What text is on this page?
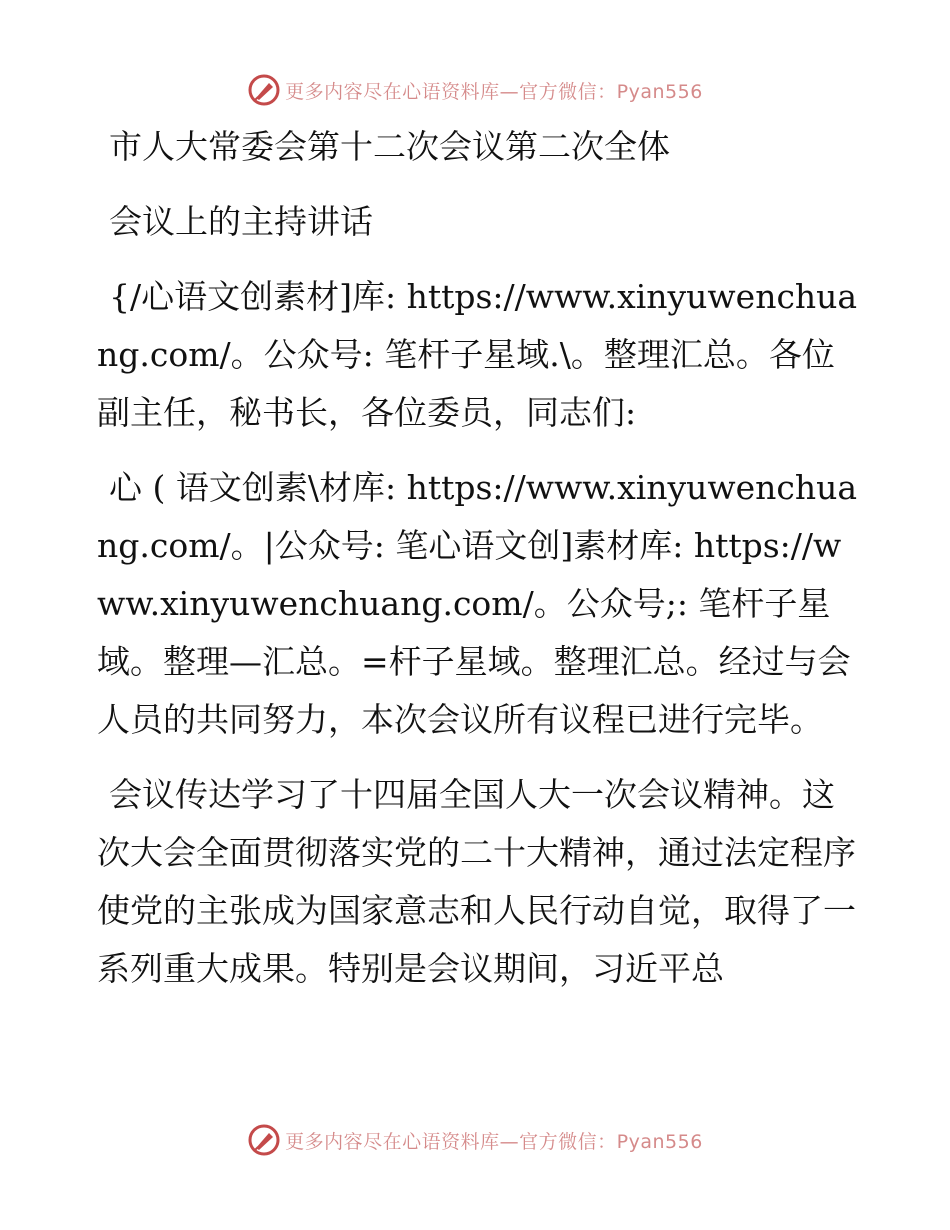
更多内容尽在心语资料库—官方微信：Pyan556

市人大常委会第十二次会议第二次全体

会议上的主持讲话

{/心语文创素材]库: https://www.xinyuwenchuang.com/。公众号: 笔杆子星域.\。整理汇总。各位副主任，秘书长，各位委员，同志们:

心 ( 语文创素\材库: https://www.xinyuwenchuang.com/。|公众号: 笔心语文创]素材库: https://www.xinyuwenchuang.com/。公众号;: 笔杆子星域。整理—汇总。=杆子星域。整理汇总。经过与会人员的共同努力，本次会议所有议程已进行完毕。

会议传达学习了十四届全国人大一次会议精神。这次大会全面贯彻落实党的二十大精神，通过法定程序使党的主张成为国家意志和人民行动自觉，取得了一系列重大成果。特别是会议期间，习近平总

更多内容尽在心语资料库—官方微信：Pyan556
